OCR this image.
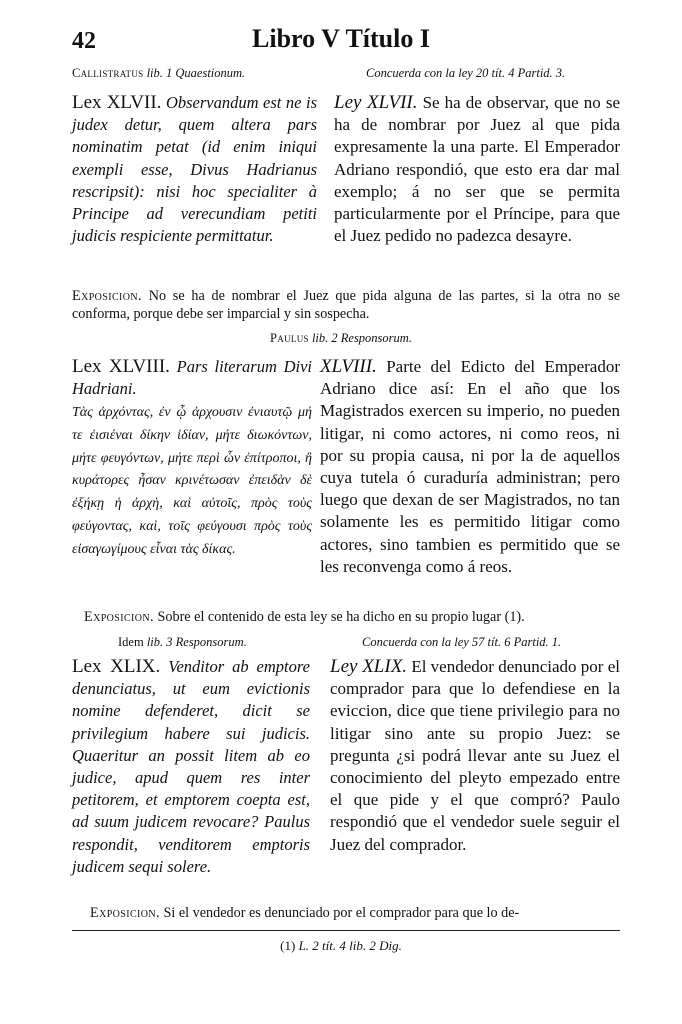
42	Libro V Título I
Callistratus lib. 1 Quaestionum.	Concuerda con la ley 20 tít. 4 Partid. 3.
Lex XLVII. Observandum est ne is judex detur, quem altera pars nominatim petat (id enim iniqui exempli esse, Divus Hadrianus rescripsit): nisi hoc specialiter à Principe ad verecundiam petiti judicis respiciente permittatur.
Ley XLVII. Se ha de observar, que no se ha de nombrar por Juez al que pida expresamente la una parte. El Emperador Adriano respondió, que esto era dar mal exemplo; á no ser que se permita particularmente por el Príncipe, para que el Juez pedido no padezca desayre.
Exposicion. No se ha de nombrar el Juez que pida alguna de las partes, si la otra no se conforma, porque debe ser imparcial y sin sospecha.
Paulus lib. 2 Responsorum.
Lex XLVIII. Pars literarum Divi Hadriani.
Τὰς ἀρχόντας, ἐν ᾧ ἀρχουσιν ἐνιαυτῷ μή τε ἐισιέναι δίκην ἰδίαν, μήτε διωκόντων, μήτε φευγόντων, μήτε περὶ ὧν ἐπίτροποι, ἢ κυράτορες ἦσαν κρινέτωσαν ἐπειδὰν δὲ ἐξήκῃ ἡ ἀρχὴ, καὶ αὐτοῖς, πρὸς τοὺς φεύγοντας, καὶ, τοῖς φεύγουσι πρὸς τοὺς εἰσαγωγίμους εἶναι τὰς δίκας.
XLVIII. Parte del Edicto del Emperador Adriano dice así: En el año que los Magistrados exercen su imperio, no pueden litigar, ni como actores, ni como reos, ni por su propia causa, ni por la de aquellos cuya tutela ó curaduría administran; pero luego que dexan de ser Magistrados, no tan solamente les es permitido litigar como actores, sino tambien es permitido que se les reconvenga como á reos.
Exposicion. Sobre el contenido de esta ley se ha dicho en su propio lugar (1).
Idem lib. 3 Responsorum.	Concuerda con la ley 57 tít. 6 Partid. 1.
Lex XLIX. Venditor ab emptore denunciatus, ut eum evictionis nomine defenderet, dicit se privilegium habere sui judicis. Quaeritur an possit litem ab eo judice, apud quem res inter petitorem, et emptorem coepta est, ad suum judicem revocare? Paulus respondit, venditorem emptoris judicem sequi solere.
Ley XLIX. El vendedor denunciado por el comprador para que lo defendiese en la eviccion, dice que tiene privilegio para no litigar sino ante su propio Juez: se pregunta ¿si podrá llevar ante su Juez el conocimiento del pleyto empezado entre el que pide y el que compró? Paulo respondió que el vendedor suele seguir el Juez del comprador.
Exposicion. Si el vendedor es denunciado por el comprador para que lo de-
(1) L. 2 tít. 4 lib. 2 Dig.
